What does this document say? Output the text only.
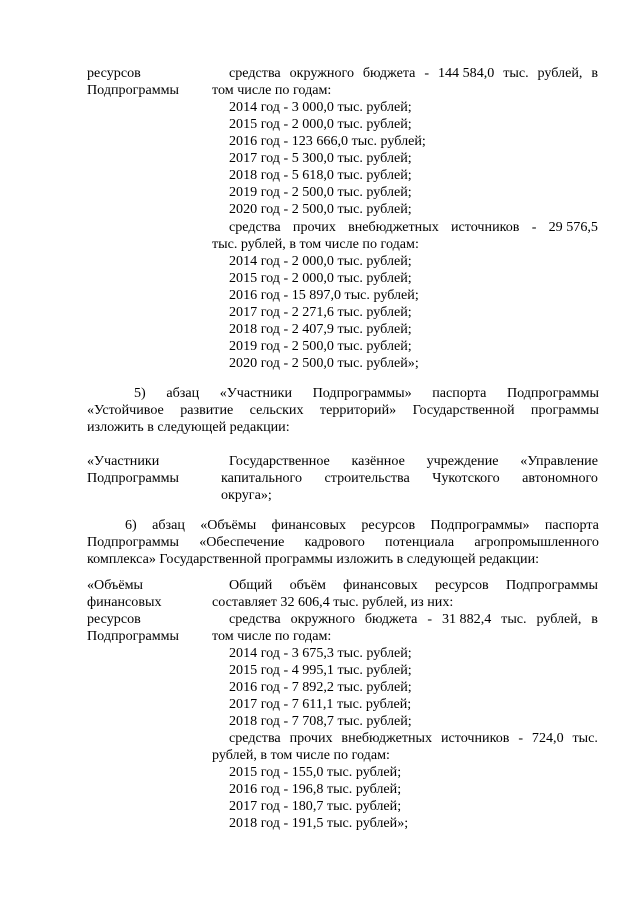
ресурсов
Подпрограммы
средства окружного бюджета - 144 584,0 тыс. рублей, в
том числе по годам:
2014 год - 3 000,0 тыс. рублей;
2015 год - 2 000,0 тыс. рублей;
2016 год - 123 666,0 тыс. рублей;
2017 год - 5 300,0 тыс. рублей;
2018 год - 5 618,0 тыс. рублей;
2019 год - 2 500,0 тыс. рублей;
2020 год - 2 500,0 тыс. рублей;
средства прочих внебюджетных источников - 29 576,5
тыс. рублей, в том числе по годам:
2014 год - 2 000,0 тыс. рублей;
2015 год - 2 000,0 тыс. рублей;
2016 год - 15 897,0 тыс. рублей;
2017 год - 2 271,6 тыс. рублей;
2018 год - 2 407,9 тыс. рублей;
2019 год - 2 500,0 тыс. рублей;
2020 год - 2 500,0 тыс. рублей»;
5) абзац «Участники Подпрограммы» паспорта Подпрограммы
«Устойчивое развитие сельских территорий» Государственной программы
изложить в следующей редакции:
«Участники
Подпрограммы
Государственное казённое учреждение «Управление
капитального строительства Чукотского автономного
округа»;
6) абзац «Объёмы финансовых ресурсов Подпрограммы» паспорта
Подпрограммы «Обеспечение кадрового потенциала агропромышленного
комплекса» Государственной программы изложить в следующей редакции:
«Объёмы
финансовых
ресурсов
Подпрограммы
Общий объём финансовых ресурсов Подпрограммы
составляет 32 606,4 тыс. рублей, из них:
средства окружного бюджета - 31 882,4 тыс. рублей, в
том числе по годам:
2014 год - 3 675,3 тыс. рублей;
2015 год - 4 995,1 тыс. рублей;
2016 год - 7 892,2 тыс. рублей;
2017 год - 7 611,1 тыс. рублей;
2018 год - 7 708,7 тыс. рублей;
средства прочих внебюджетных источников - 724,0 тыс.
рублей, в том числе по годам:
2015 год - 155,0 тыс. рублей;
2016 год - 196,8 тыс. рублей;
2017 год - 180,7 тыс. рублей;
2018 год - 191,5 тыс. рублей»;
